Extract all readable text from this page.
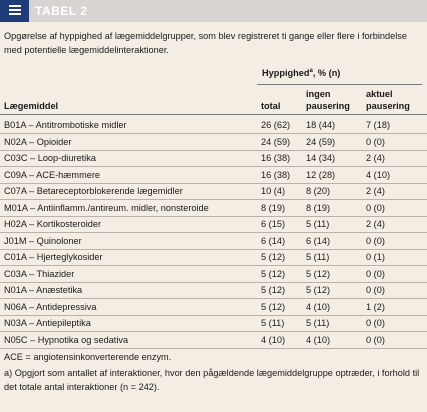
TABEL 2
Opgørelse af hyppighed af lægemiddelgrupper, som blev registreret ti gange eller flere i forbindelse med potentielle lægemiddelinteraktioner.
Hyppighed$^a$, % (n)
Lægemiddel	total
ingen
pausering
aktuel
pausering
B01A – Antitrombotiske midler	26 (62) 18 (44)	7 (18)
N02A – Opioider	24 (59) 24 (59)	0 (0)
C03C – Loop-diuretika	16 (38) 14 (34)	2 (4)
C09A – ACE-hæmmere	16 (38) 12 (28)	4 (10)
C07A – Betareceptorblokerende lægemidler	10 (4) 8 (20)	2 (4)
M01A – Antiinflamm./antireum. midler, nonsteroide	8 (19) 8 (19)	0 (0)
H02A – Kortikosteroider	6 (15) 5 (11)	2 (4)
J01M – Quinoloner	6 (14) 6 (14)	0 (0)
C01A – Hjerteglykosider	5 (12) 5 (11)	0 (1)
C03A – Thiazider	5 (12) 5 (12)	0 (0)
N01A – Anæstetika	5 (12) 5 (12)	0 (0)
N06A – Antidepressiva	5 (12) 4 (10)	1 (2)
N03A – Antiepileptika	5 (11) 5 (11)	0 (0)
N05C – Hypnotika og sedativa	4 (10) 4 (10)	0 (0)
ACE = angiotensinkonverterende enzym.
a) Opgjort som antallet af interaktioner, hvor den pågældende lægemiddelgruppe optræder, i forhold til det totale antal interaktioner (n = 242).
